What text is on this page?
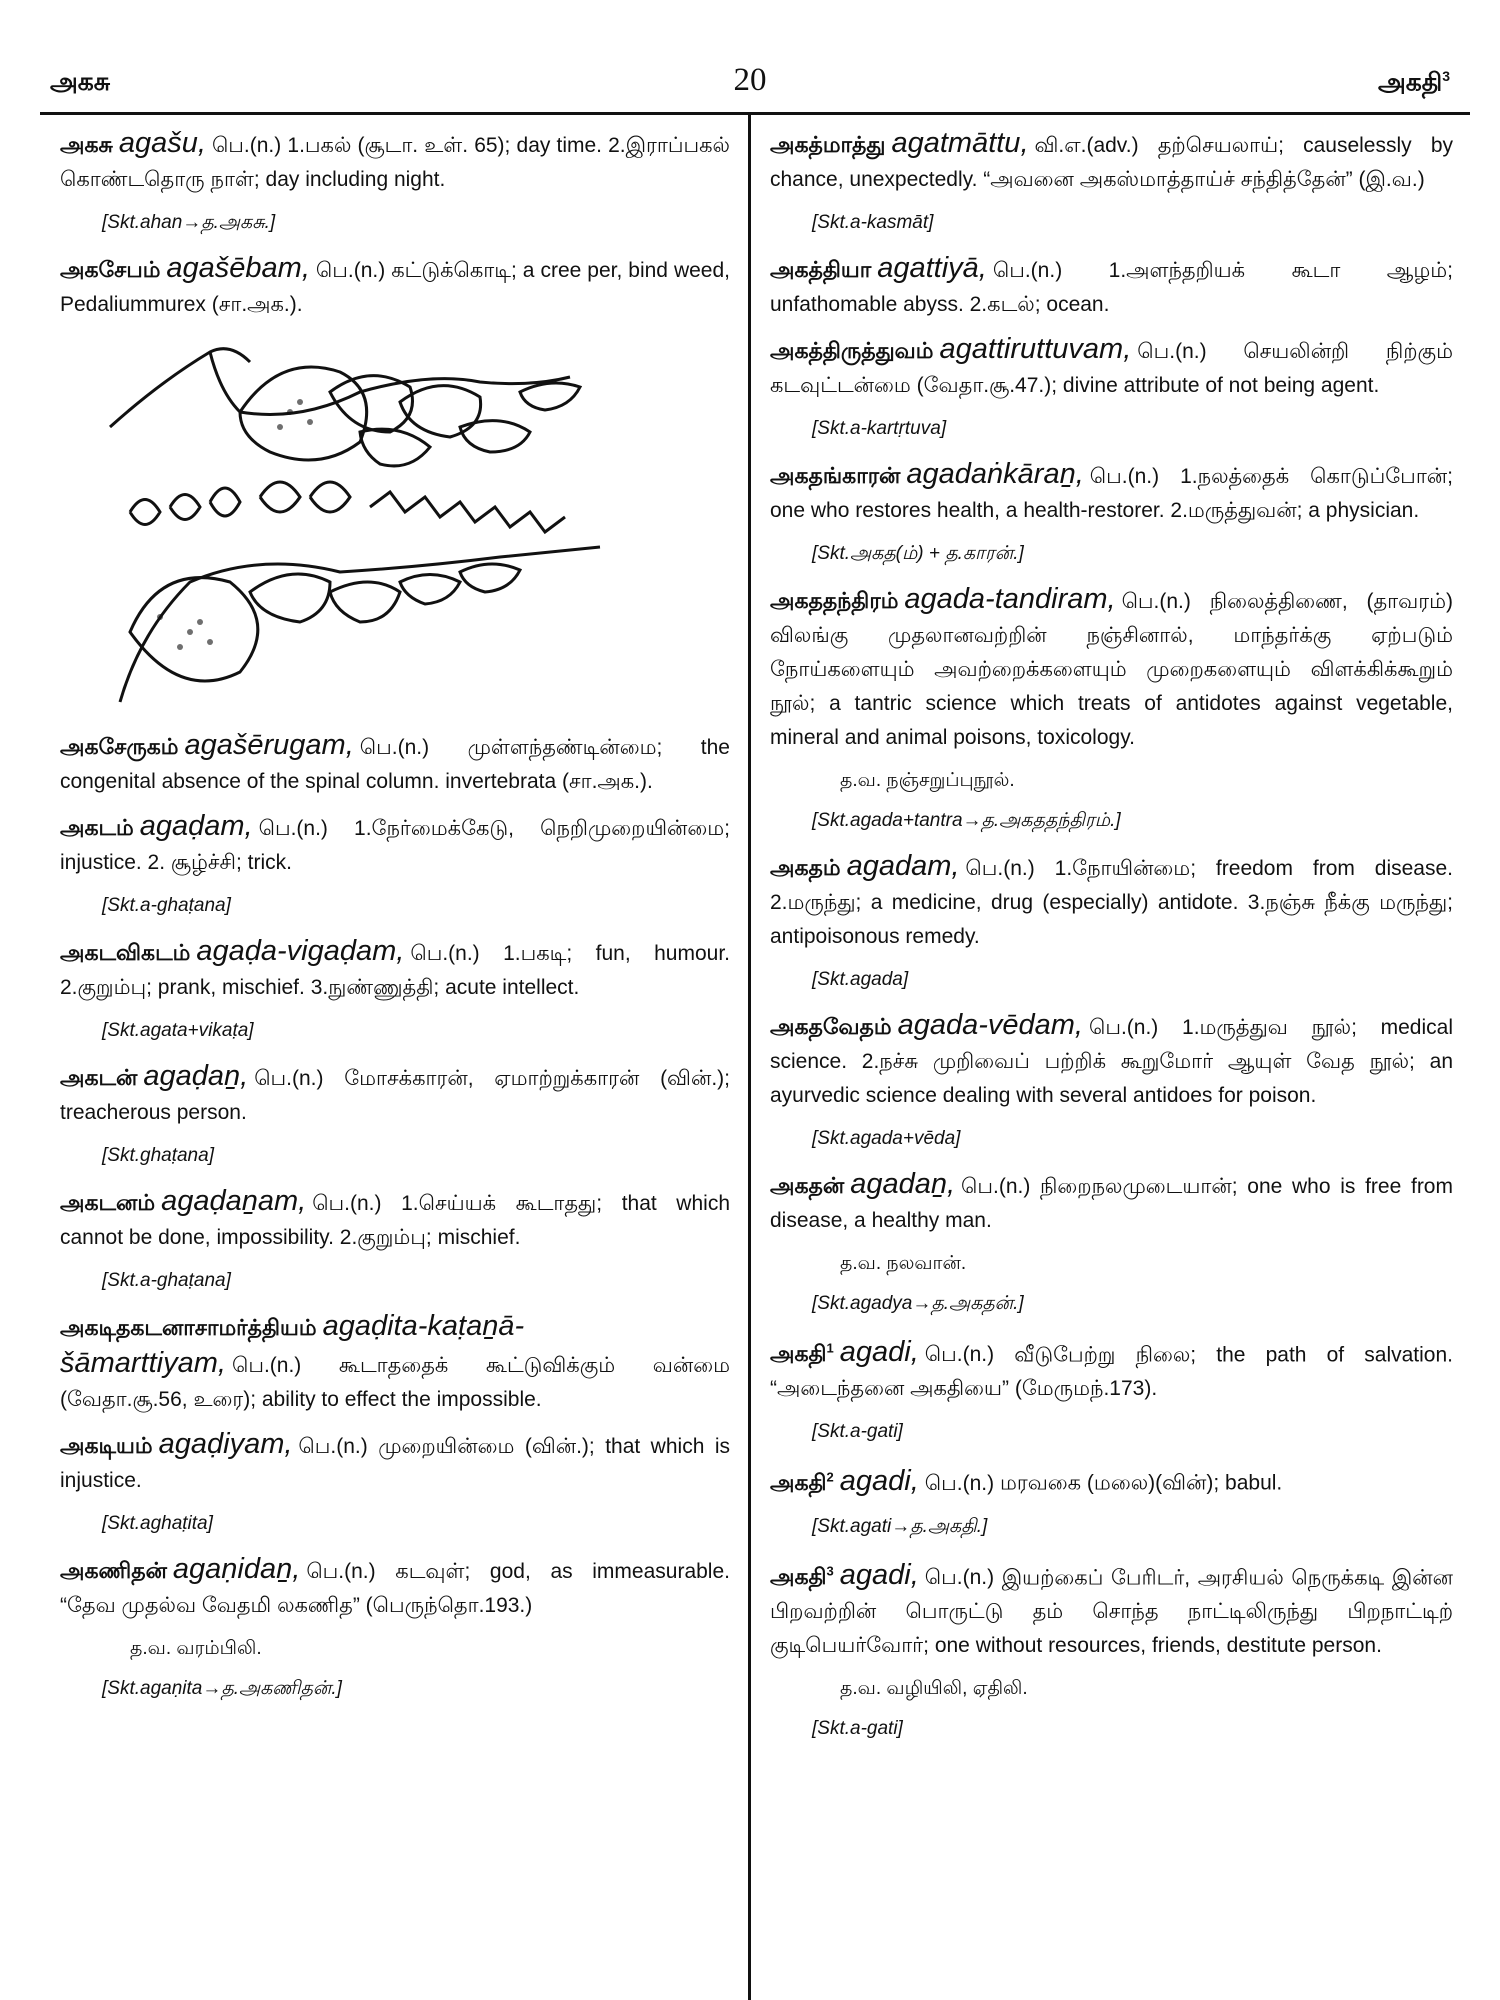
அகசு	20	அகதி$^3$
அகசு agašu, பெ.(n.) 1.பகல் (சூடா. உள். 65); day time. 2.இராப்பகல் கொண்டதொரு நாள்; day including night.
[Skt.ahan→த.அகசு.]
அகசேபம் agašēbam, பெ.(n.) கட்டுக்கொடி; a cree per, bind weed, Pedaliummurex (சா.அக.).
அகசேருகம் agašērugam, பெ.(n.) முள்ளந்தண்டின்மை; the congenital absence of the spinal column. invertebrata (சா.அக.).
அகடம் agaḍam, பெ.(n.) 1.நேர்மைக்கேடு, நெறிமுறையின்மை; injustice. 2. சூழ்ச்சி; trick.
[Skt.a-ghaṭana]
அகடவிகடம் agaḍa-vigaḍam, பெ.(n.) 1.பகடி; fun, humour. 2.குறும்பு; prank, mischief. 3.நுண்ணுத்தி; acute intellect.
[Skt.agata+vikaṭa]
அகடன் agaḍaṉ, பெ.(n.) மோசக்காரன், ஏமாற்றுக்காரன் (வின்.); treacherous person.
[Skt.ghaṭana]
அகடனம் agaḍaṉam, பெ.(n.) 1.செய்யக் கூடாதது; that which cannot be done, impossibility. 2.குறும்பு; mischief.
[Skt.a-ghaṭana]
அகடிதகடனாசாமர்த்தியம் agaḍita-kaṭaṉā-šāmarttiyam, பெ.(n.) கூடாததைக் கூட்டுவிக்கும் வன்மை (வேதா.சூ.56, உரை); ability to effect the impossible.
அகடியம் agaḍiyam, பெ.(n.) முறையின்மை (வின்.); that which is injustice.
[Skt.aghaṭita]
அகணிதன் agaṇidaṉ, பெ.(n.) கடவுள்; god, as immeasurable. “தேவ முதல்வ வேதமி லகணித” (பெருந்தொ.193.)
த.வ. வரம்பிலி.
[Skt.agaṇita→த.அகணிதன்.]
அகத்மாத்து agatmāttu, வி.எ.(adv.) தற்செயலாய்; causelessly by chance, unexpectedly. “அவனை அகஸ்மாத்தாய்ச் சந்தித்தேன்” (இ.வ.)
[Skt.a-kasmāt]
அகத்தியா agattiyā, பெ.(n.) 1.அளந்தறியக் கூடா ஆழம்; unfathomable abyss. 2.கடல்; ocean.
அகத்திருத்துவம் agattiruttuvam, பெ.(n.) செயலின்றி நிற்கும் கடவுட்டன்மை (வேதா.சூ.47.); divine attribute of not being agent.
[Skt.a-kartṛtuva]
அகதங்காரன் agadaṅkāraṉ, பெ.(n.) 1.நலத்தைக் கொடுப்போன்; one who restores health, a health-restorer. 2.மருத்துவன்; a physician.
[Skt.அகத(ம்) + த.காரன்.]
அகததந்திரம் agada-tandiram, பெ.(n.) நிலைத்திணை, (தாவரம்) விலங்கு முதலானவற்றின் நஞ்சினால், மாந்தர்க்கு ஏற்படும் நோய்களையும் அவற்றைக்களையும் முறைகளையும் விளக்கிக்கூறும் நூல்; a tantric science which treats of antidotes against vegetable, mineral and animal poisons, toxicology.
த.வ. நஞ்சறுப்புநூல்.
[Skt.agada+tantra→த.அகததந்திரம்.]
அகதம் agadam, பெ.(n.) 1.நோயின்மை; freedom from disease. 2.மருந்து; a medicine, drug (especially) antidote. 3.நஞ்சு நீக்கு மருந்து; antipoisonous remedy.
[Skt.agada]
அகதவேதம் agada-vēdam, பெ.(n.) 1.மருத்துவ நூல்; medical science. 2.நச்சு முறிவைப் பற்றிக் கூறுமோர் ஆயுள் வேத நூல்; an ayurvedic science dealing with several antidoes for poison.
[Skt.agada+vēda]
அகதன் agadaṉ, பெ.(n.) நிறைநலமுடையான்; one who is free from disease, a healthy man.
த.வ. நலவான்.
[Skt.agadya→த.அகதன்.]
அகதி$^1$ agadi, பெ.(n.) வீடுபேற்று நிலை; the path of salvation. “அடைந்தனை அகதியை” (மேருமந்.173).
[Skt.a-gati]
அகதி$^2$ agadi, பெ.(n.) மரவகை (மலை)(வின்); babul.
[Skt.agati→த.அகதி.]
அகதி$^3$ agadi, பெ.(n.) இயற்கைப் பேரிடர், அரசியல் நெருக்கடி இன்ன பிறவற்றின் பொருட்டு தம் சொந்த நாட்டிலிருந்து பிறநாட்டிற் குடிபெயர்வோர்; one without resources, friends, destitute person.
த.வ. வழியிலி, ஏதிலி.
[Skt.a-gati]
